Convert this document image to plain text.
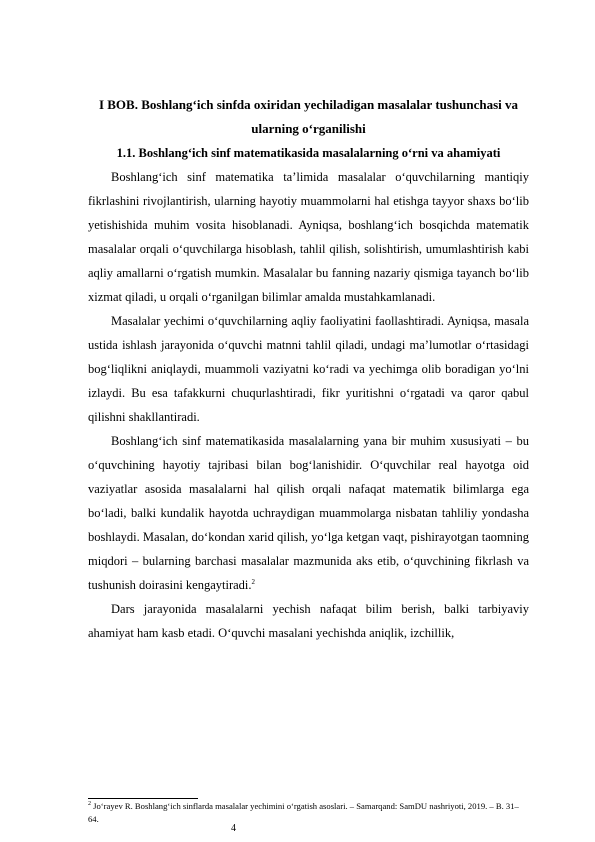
I BOB. Boshlang‘ich sinfda oxiridan yechiladigan masalalar tushunchasi va ularning o‘rganilishi
1.1. Boshlang‘ich sinf matematikasida masalalarning o‘rni va ahamiyati

Boshlang‘ich sinf matematika ta’limida masalalar o‘quvchilarning mantiqiy fikrlashini rivojlantirish, ularning hayotiy muammolarni hal etishga tayyor shaxs bo‘lib yetishishida muhim vosita hisoblanadi. Ayniqsa, boshlang‘ich bosqichda matematik masalalar orqali o‘quvchilarga hisoblash, tahlil qilish, solishtirish, umumlashtirish kabi aqliy amallarni o‘rgatish mumkin. Masalalar bu fanning nazariy qismiga tayanch bo‘lib xizmat qiladi, u orqali o‘rganilgan bilimlar amalda mustahkamlanadi.

Masalalar yechimi o‘quvchilarning aqliy faoliyatini faollashtiradi. Ayniqsa, masala ustida ishlash jarayonida o‘quvchi matnni tahlil qiladi, undagi ma’lumotlar o‘rtasidagi bog‘liqlikni aniqlaydi, muammoli vaziyatni ko‘radi va yechimga olib boradigan yo‘lni izlaydi. Bu esa tafakkurni chuqurlashtiradi, fikr yuritishni o‘rgatadi va qaror qabul qilishni shakllantiradi.

Boshlang‘ich sinf matematikasida masalalarning yana bir muhim xususiyati – bu o‘quvchining hayotiy tajribasi bilan bog‘lanishidir. O‘quvchilar real hayotga oid vaziyatlar asosida masalalarni hal qilish orqali nafaqat matematik bilimlarga ega bo‘ladi, balki kundalik hayotda uchraydigan muammolarga nisbatan tahliliy yondasha boshlaydi. Masalan, do‘kondan xarid qilish, yo‘lga ketgan vaqt, pishirayotgan taomning miqdori – bularning barchasi masalalar mazmunida aks etib, o‘quvchining fikrlash va tushunish doirasini kengaytiradi.$^2$

Dars jarayonida masalalarni yechish nafaqat bilim berish, balki tarbiyaviy ahamiyat ham kasb etadi. O‘quvchi masalani yechishda aniqlik, izchillik,

$^2$ Jo‘rayev R. Boshlang‘ich sinflarda masalalar yechimini o‘rgatish asoslari. – Samarqand: SamDU nashriyoti, 2019. – B. 31–64.
4
